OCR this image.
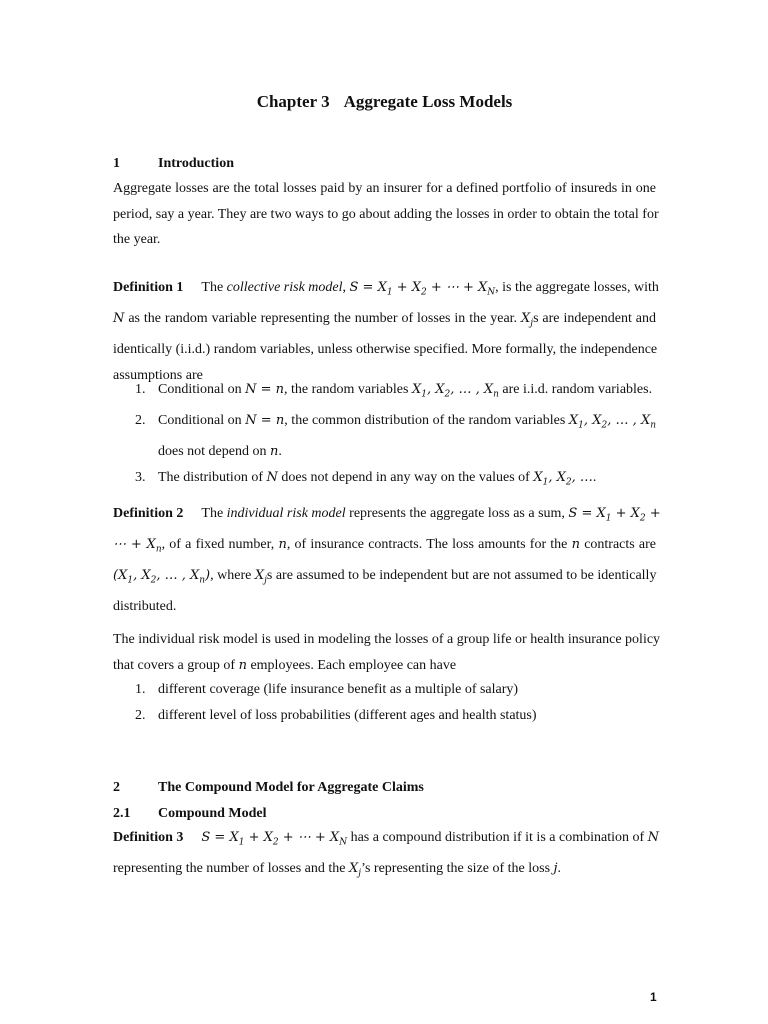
Chapter 3 Aggregate Loss Models
1	Introduction
Aggregate losses are the total losses paid by an insurer for a defined portfolio of insureds in one
period, say a year. They are two ways to go about adding the losses in order to obtain the total for
the year.
Definition 1 The collective risk model, $S = X_1 + X_2$ + ⋯ + $X_N$, is the aggregate losses, with
N as the random variable representing the number of losses in the year. $X_js$ are independent and
identically (i.i.d.) random variables, unless otherwise specified. More formally, the independence
assumptions are
1. Conditional on N = n, the random variables $X_1$, $X_2$, … , $X_n$ are i.i.d. random variables.
2. Conditional on N = n, the common distribution of the random variables $X_1$, $X_2$, … , $X_n$
does not depend on n.
3. The distribution of N does not depend in any way on the values of $X_1$, $X_2$, ….
Definition 2 The individual risk model represents the aggregate loss as a sum, $S = X_1 + X_2$ +
⋯ + $X_n$, of a fixed number, n, of insurance contracts. The loss amounts for the n contracts are
($X_1$, $X_2$, … , $X_n$), where $X_js$ are assumed to be independent but are not assumed to be identically
distributed.
The individual risk model is used in modeling the losses of a group life or health insurance policy
that covers a group of n employees. Each employee can have
1. different coverage (life insurance benefit as a multiple of salary)
2. different level of loss probabilities (different ages and health status)
2	The Compound Model for Aggregate Claims
2.1 Compound Model
Definition 3 $S = X_1 + X_2$ + ⋯ + $X_N$ has a compound distribution if it is a combination of N
representing the number of losses and the $X_j’s$ representing the size of the loss j.
1
